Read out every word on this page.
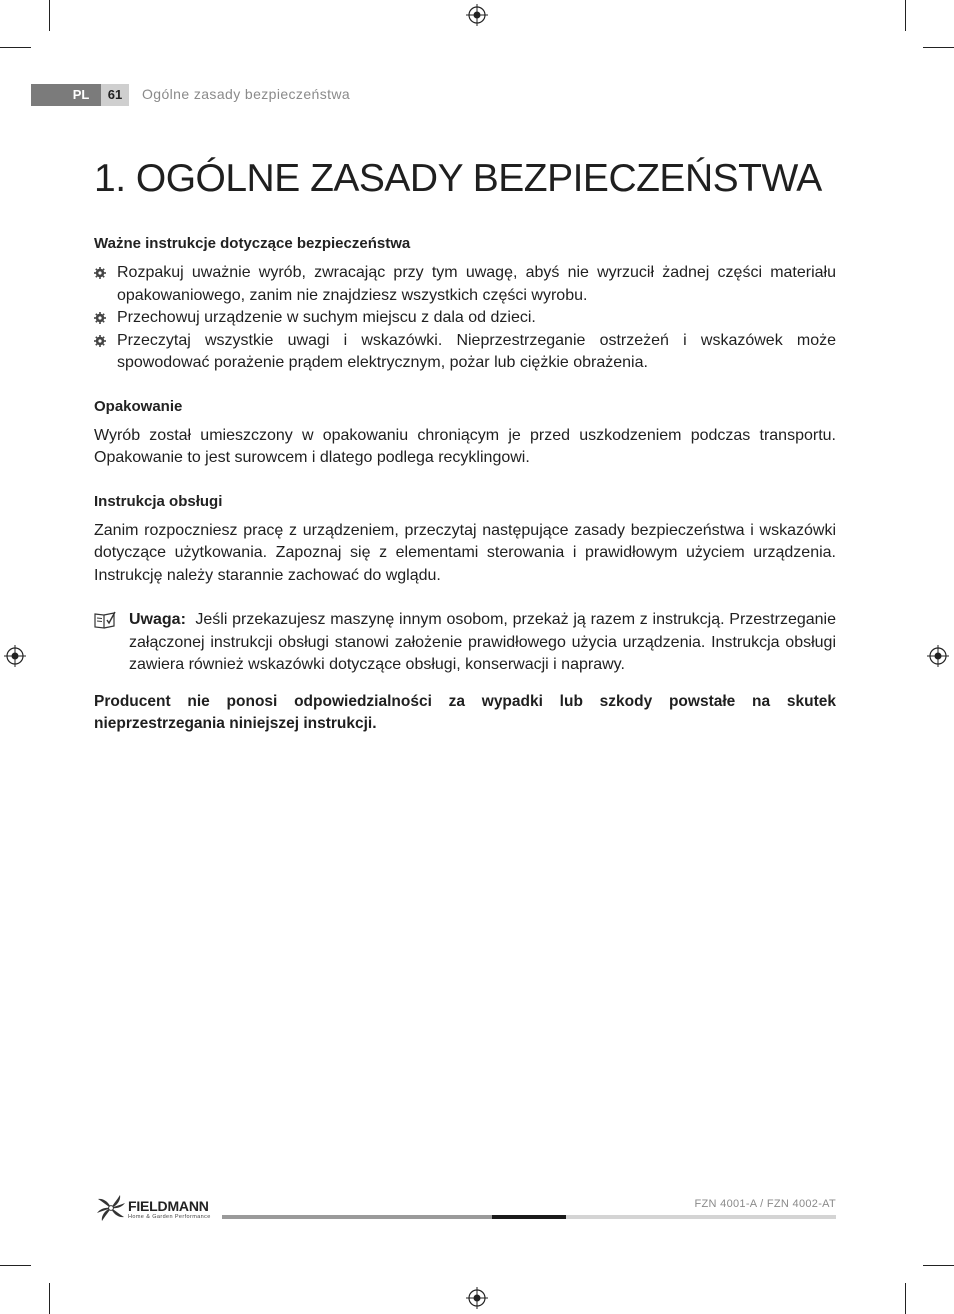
PL	61	Ogólne zasady bezpieczeństwa
1. OGÓLNE ZASADY BEZPIECZEŃSTWA
Ważne instrukcje dotyczące bezpieczeństwa
Rozpakuj uważnie wyrób, zwracając przy tym uwagę, abyś nie wyrzucił żadnej części materiału opakowaniowego, zanim nie znajdziesz wszystkich części wyrobu.
Przechowuj urządzenie w suchym miejscu z dala od dzieci.
Przeczytaj wszystkie uwagi i wskazówki. Nieprzestrzeganie ostrzeżeń i wskazówek może spowodować porażenie prądem elektrycznym, pożar lub ciężkie obrażenia.
Opakowanie

Wyrób został umieszczony w opakowaniu chroniącym je przed uszkodzeniem podczas transportu. Opakowanie to jest surowcem i dlatego podlega recyklingowi.

Instrukcja obsługi

Zanim rozpoczniesz pracę z urządzeniem, przeczytaj następujące zasady bezpieczeństwa i wskazówki dotyczące użytkowania. Zapoznaj się z elementami sterowania i prawidłowym użyciem urządzenia. Instrukcję należy starannie zachować do wglądu.

Uwaga: Jeśli przekazujesz maszynę innym osobom, przekaż ją razem z instrukcją. Przestrzeganie załączonej instrukcji obsługi stanowi założenie prawidłowego użycia urządzenia. Instrukcja obsługi zawiera również wskazówki dotyczące obsługi, konserwacji i naprawy.

Producent nie ponosi odpowiedzialności za wypadki lub szkody powstałe na skutek nieprzestrzegania niniejszej instrukcji.

FIELDMANN
Home & Garden Performance
FZN 4001-A / FZN 4002-AT
